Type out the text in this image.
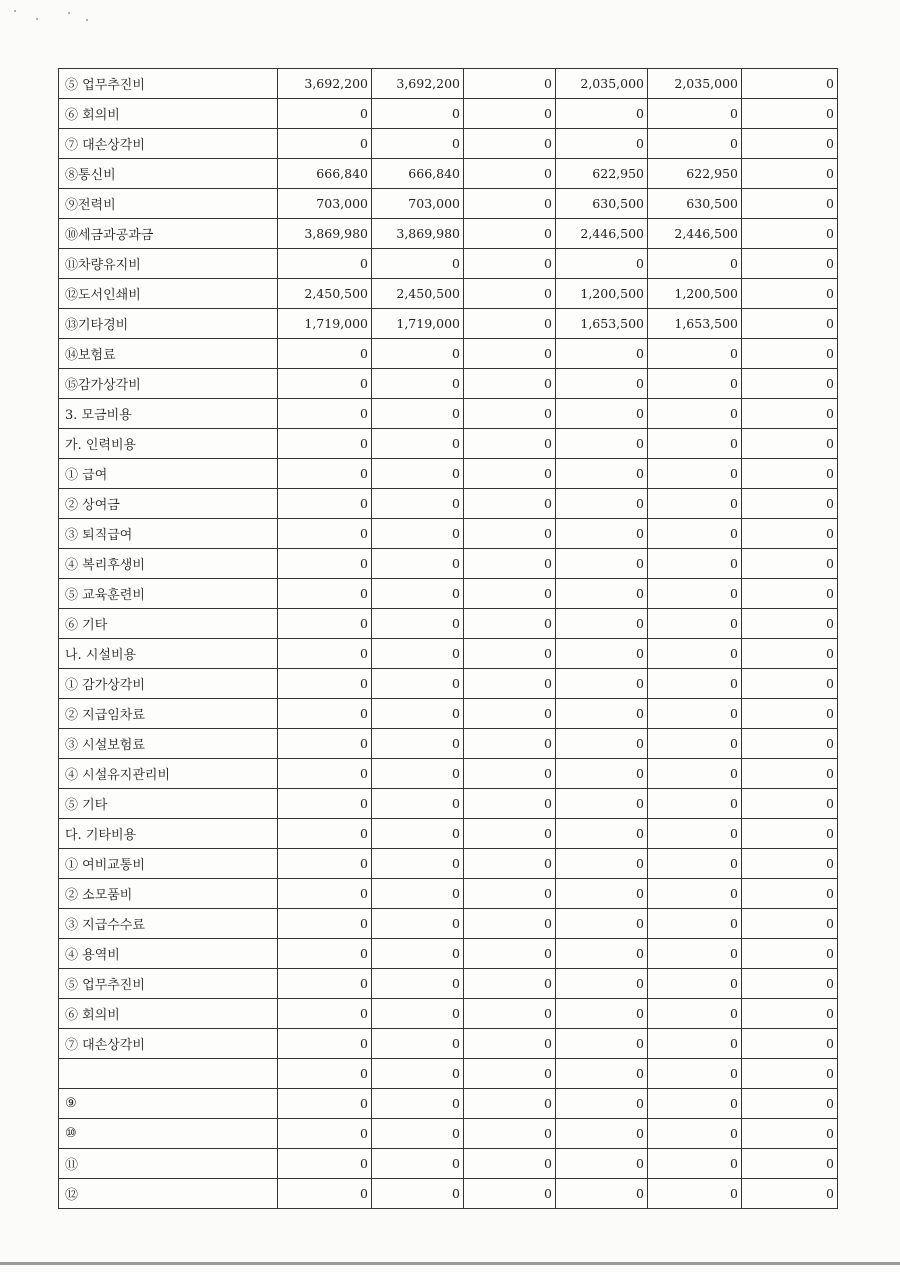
⑤ 업무추진비	3,692,200	3,692,200	0	2,035,000	2,035,000	0
⑥ 회의비	0	0	0	0	0	0
⑦ 대손상각비	0	0	0	0	0	0
⑧통신비	666,840	666,840	0	622,950	622,950	0
⑨전력비	703,000	703,000	0	630,500	630,500	0
⑩세금과공과금	3,869,980	3,869,980	0	2,446,500	2,446,500	0
⑪차량유지비	0	0	0	0	0	0
⑫도서인쇄비	2,450,500	2,450,500	0	1,200,500	1,200,500	0
⑬기타경비	1,719,000	1,719,000	0	1,653,500	1,653,500	0
⑭보험료	0	0	0	0	0	0
⑮감가상각비	0	0	0	0	0	0
3. 모금비용	0	0	0	0	0	0
가. 인력비용	0	0	0	0	0	0
① 급여	0	0	0	0	0	0
② 상여금	0	0	0	0	0	0
③ 퇴직급여	0	0	0	0	0	0
④ 복리후생비	0	0	0	0	0	0
⑤ 교육훈련비	0	0	0	0	0	0
⑥ 기타	0	0	0	0	0	0
나. 시설비용	0	0	0	0	0	0
① 감가상각비	0	0	0	0	0	0
② 지급임차료	0	0	0	0	0	0
③ 시설보험료	0	0	0	0	0	0
④ 시설유지관리비	0	0	0	0	0	0
⑤ 기타	0	0	0	0	0	0
다. 기타비용	0	0	0	0	0	0
① 여비교통비	0	0	0	0	0	0
② 소모품비	0	0	0	0	0	0
③ 지급수수료	0	0	0	0	0	0
④ 용역비	0	0	0	0	0	0
⑤ 업무추진비	0	0	0	0	0	0
⑥ 회의비	0	0	0	0	0	0
⑦ 대손상각비	0	0	0	0	0	0
	0	0	0	0	0	0
⑨	0	0	0	0	0	0
⑩	0	0	0	0	0	0
⑪	0	0	0	0	0	0
⑫	0	0	0	0	0	0
